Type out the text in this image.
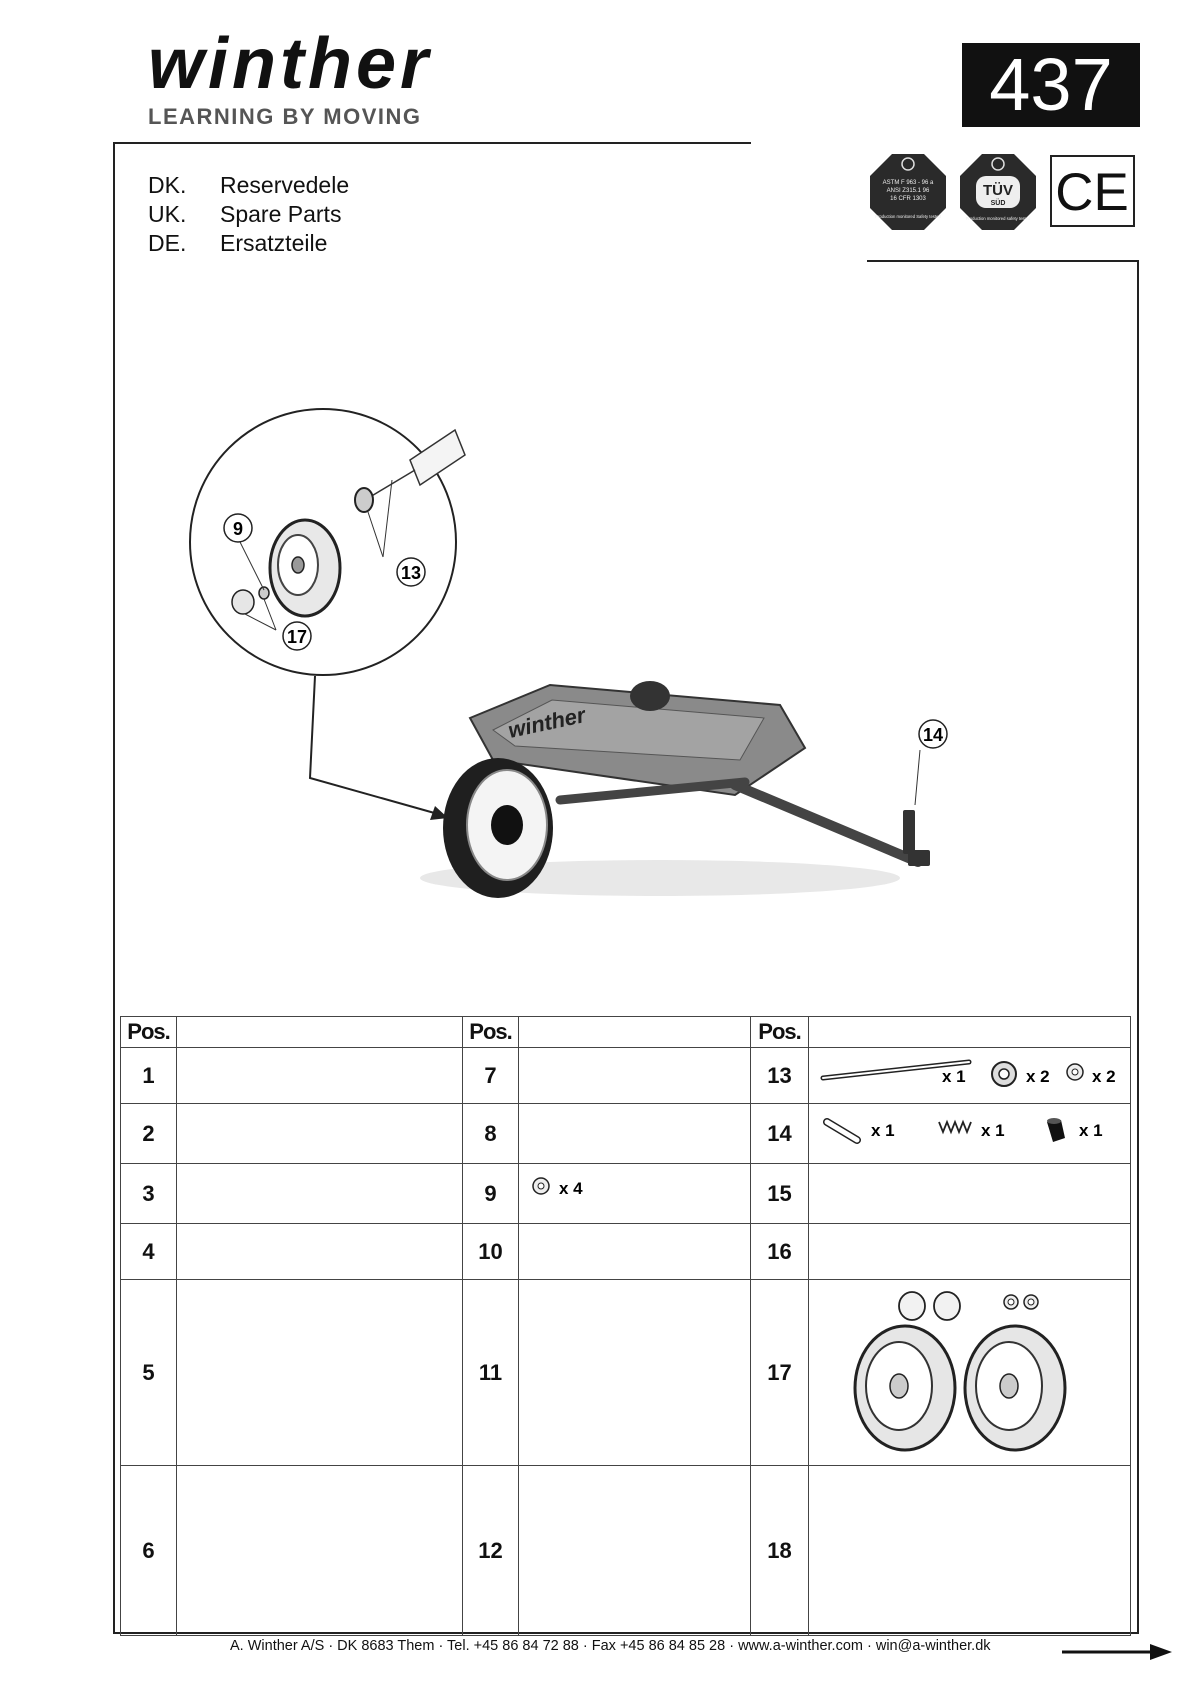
winther
LEARNING BY MOVING	437
DK. Reservedele
UK. Spare Parts
DE. Ersatzteile
ASTM F 963 - 96 a
ANSI Z315.1 96
16 CFR 1303
Production monitored Safety tested
TÜV
SÜD
Production monitored safety tested CE
9
13
17
winther	14
Pos.		Pos.		Pos.	
1		7		13	x 1 x 2 x 2

2		8		14	x 1 x 1 x 1

3		9	x 4	15	
4		10		16	
5		11		17	
6		12		18	
A. Winther A/S · DK 8683 Them · Tel. +45 86 84 72 88 · Fax +45 86 84 85 28 · www.a-winther.com · win@a-winther.dk
